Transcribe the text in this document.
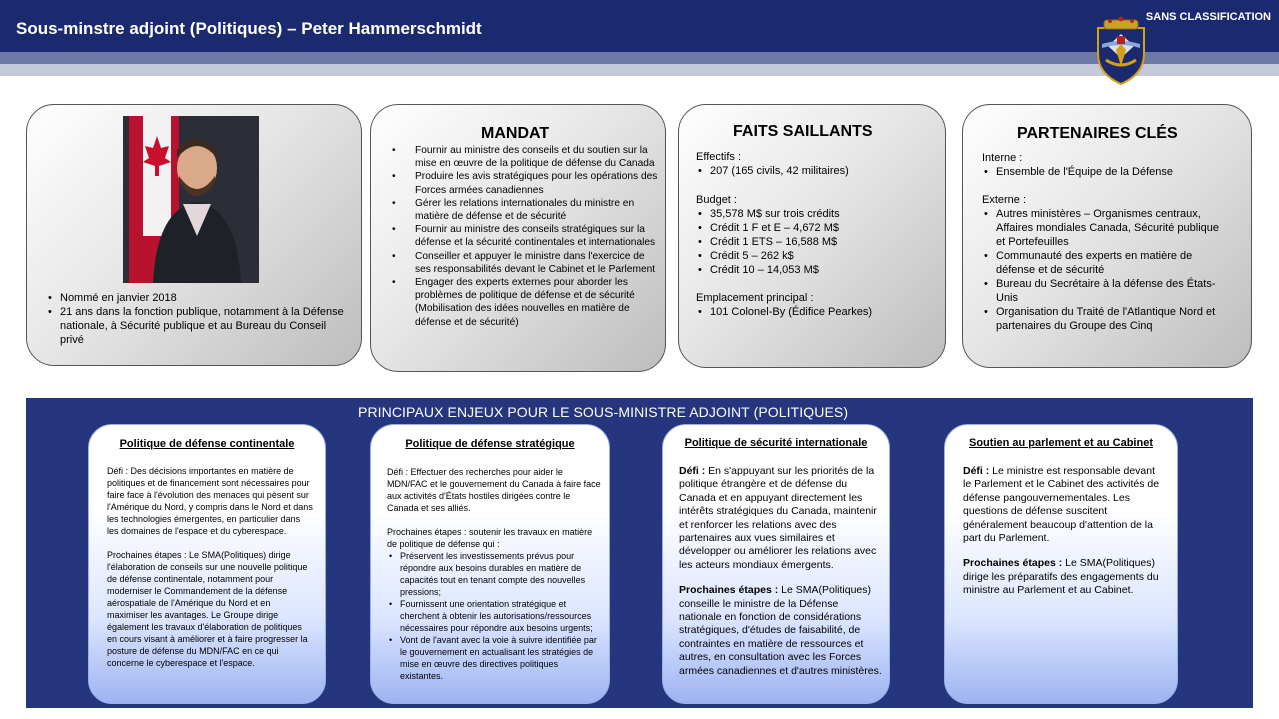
Sous-minstre adjoint (Politiques) – Peter Hammerschmidt
SANS CLASSIFICATION
• Nommé en janvier 2018
• 21 ans dans la fonction publique, notamment à la Défense nationale, à Sécurité publique et au Bureau du Conseil privé
MANDAT
• Fournir au ministre des conseils et du soutien sur la mise en œuvre de la politique de défense du Canada
• Produire les avis stratégiques pour les opérations des Forces armées canadiennes
• Gérer les relations internationales du ministre en matière de défense et de sécurité
• Fournir au ministre des conseils stratégiques sur la défense et la sécurité continentales et internationales
• Conseiller et appuyer le ministre dans l'exercice de ses responsabilités devant le Cabinet et le Parlement
• Engager des experts externes pour aborder les problèmes de politique de défense et de sécurité (Mobilisation des idées nouvelles en matière de défense et de sécurité)
FAITS SAILLANTS
Effectifs :
• 207 (165 civils, 42 militaires)
Budget :
• 35,578 M$ sur trois crédits
• Crédit 1 F et E – 4,672 M$
• Crédit 1 ETS – 16,588 M$
• Crédit 5 – 262 k$
• Crédit 10 – 14,053 M$
Emplacement principal :
• 101 Colonel-By (Édifice Pearkes)
PARTENAIRES CLÉS
Interne :
• Ensemble de l'Équipe de la Défense
Externe :
• Autres ministères – Organismes centraux, Affaires mondiales Canada, Sécurité publique et Portefeuilles
• Communauté des experts en matière de défense et de sécurité
• Bureau du Secrétaire à la défense des États-Unis
• Organisation du Traité de l'Atlantique Nord et partenaires du Groupe des Cinq
PRINCIPAUX ENJEUX POUR LE SOUS-MINISTRE ADJOINT (POLITIQUES)
Politique de défense continentale

Défi : Des décisions importantes en matière de politiques et de financement sont nécessaires pour faire face à l'évolution des menaces qui pèsent sur l'Amérique du Nord, y compris dans le Nord et dans les technologies émergentes, en particulier dans les domaines de l'espace et du cyberespace.

Prochaines étapes : Le SMA(Politiques) dirige l'élaboration de conseils sur une nouvelle politique de défense continentale, notamment pour moderniser le Commandement de la défense aérospatiale de l'Amérique du Nord et en maximiser les avantages. Le Groupe dirige également les travaux d'élaboration de politiques en cours visant à améliorer et à faire progresser la posture de défense du MDN/FAC en ce qui concerne le cyberespace et l'espace.

Politique de défense stratégique

Défi : Effectuer des recherches pour aider le MDN/FAC et le gouvernement du Canada à faire face aux activités d'États hostiles dirigées contre le Canada et ses alliés.

Prochaines étapes : soutenir les travaux en matière de politique de défense qui :
• Préservent les investissements prévus pour répondre aux besoins durables en matière de capacités tout en tenant compte des nouvelles pressions;
• Fournissent une orientation stratégique et cherchent à obtenir les autorisations/ressources nécessaires pour répondre aux besoins urgents;
• Vont de l'avant avec la voie à suivre identifiée par le gouvernement en actualisant les stratégies de mise en œuvre des directives politiques existantes.
Politique de sécurité internationale

Défi : En s'appuyant sur les priorités de la politique étrangère et de défense du Canada et en appuyant directement les intérêts stratégiques du Canada, maintenir et renforcer les relations avec des partenaires aux vues similaires et développer ou améliorer les relations avec les acteurs mondiaux émergents.

Prochaines étapes : Le SMA(Politiques) conseille le ministre de la Défense nationale en fonction de considérations stratégiques, d'études de faisabilité, de contraintes en matière de ressources et autres, en consultation avec les Forces armées canadiennes et d'autres ministères.

Soutien au parlement et au Cabinet

Défi : Le ministre est responsable devant le Parlement et le Cabinet des activités de défense pangouvernementales. Les questions de défense suscitent généralement beaucoup d'attention de la part du Parlement.

Prochaines étapes : Le SMA(Politiques) dirige les préparatifs des engagements du ministre au Parlement et au Cabinet.
